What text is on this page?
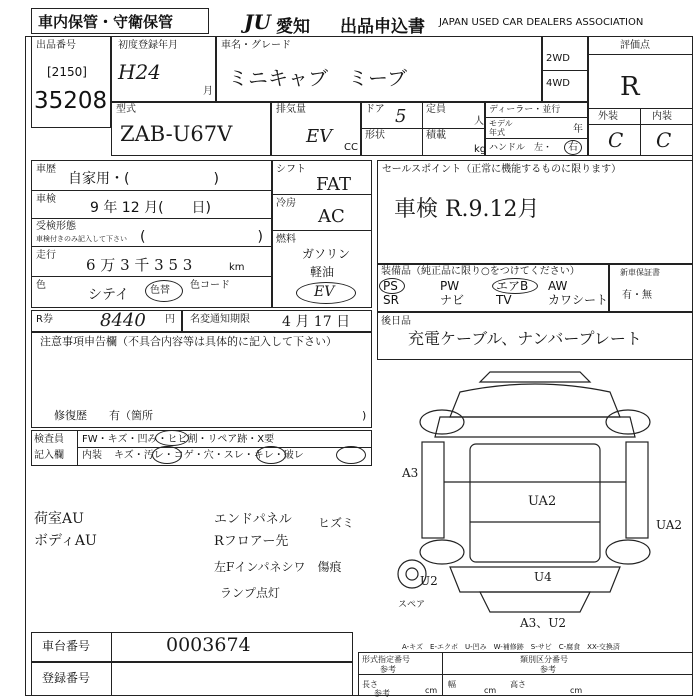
車内保管・守衛保管	JU 愛知 出品申込書 JAPAN USED CAR DEALERS ASSOCIATION
出品番号
[2150]
35208
初度登録年月
H24
月
車名・グレード
ミニキャブ　ミーブ
2WD
4WD
評価点
R
外装	内装
C C
型式
ZAB-U67V
排気量
EV
CC
ドア 5 定員
人
形状	積載
kg
ディーラー・並行
モデル
年式	年
ハンドル　左・ 右
車歴
自家用・(　　　　　　)
車検
9 年 12 月(　　日)
受検形態
車検付きのみ記入して下さい (　　　　　　　　)
走行
6 万 3 千 3 5 3	km
色
シテイ 色替 色コード
シフト
FAT
冷房
AC
燃料
ガソリン
軽油
EV
セールスポイント（正常に機能するものに限ります）
車検 R.9.12月
装備品（純正品に限り○をつけてください）
PS	PW	エアB AW
SR	ナビ	TV	カワシート
新車保証書
有・無
R券	8440 円 名変通知期限 4 月 17 日	後日品
充電ケーブル、ナンバープレート
注意事項申告欄（不具合内容等は具体的に記入して下さい）
修復歴　　有（箇所	)
検査員
記入欄
FW・キズ・凹み・ヒビ割・リペア跡・X要
内装 キズ・汚レ・コゲ・穴・スレ・キレ・破レ
荷室AU
ボディAU
エンドパネル ヒズミ
Rフロアー先
左Fインパネシワ　傷痕
ランプ点灯
A3
UA2
UA2
U4
U2
A3、U2
スペア
A-キズ　E-エクボ　U-凹み　W-補修跡　S-サビ　C-腐食　XX-交換済
車台番号	0003674
登録番号
形式指定番号
参考
類別区分番号
参考
長さ
参考	cm
幅
cm
高さ
cm
